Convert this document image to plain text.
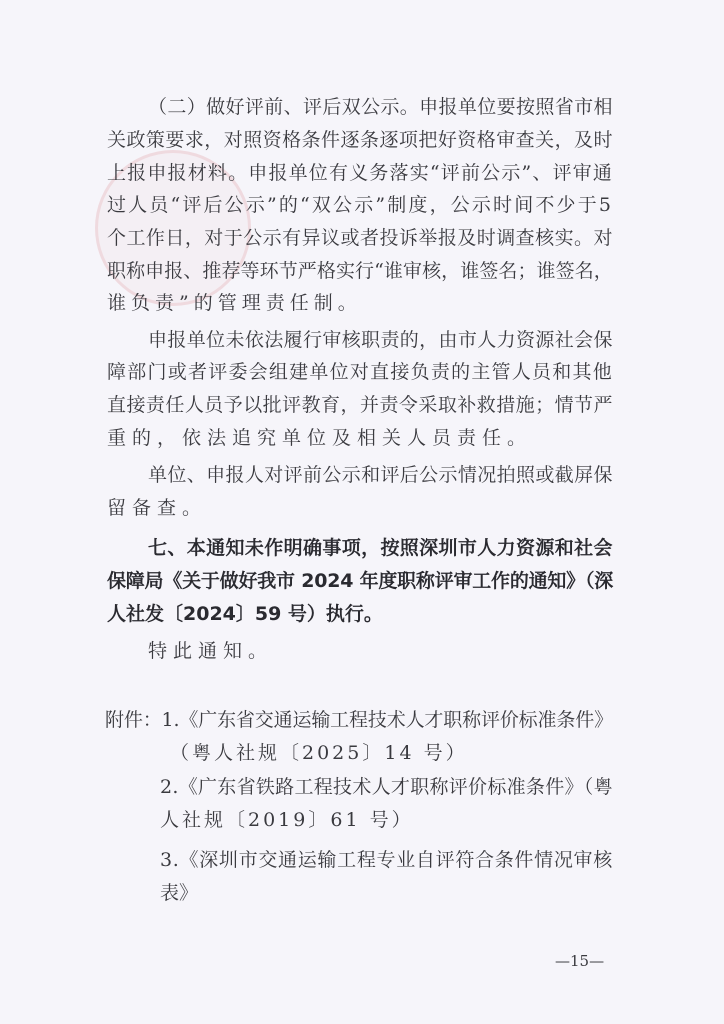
（二）做好评前、评后双公示。申报单位要按照省市相
关政策要求，对照资格条件逐条逐项把好资格审查关，及时
上报申报材料。申报单位有义务落实“评前公示”、评审通
过人员“评后公示”的“双公示”制度，公示时间不少于5
个工作日，对于公示有异议或者投诉举报及时调查核实。对
职称申报、推荐等环节严格实行“谁审核，谁签名；谁签名，
谁负责”的管理责任制。
申报单位未依法履行审核职责的，由市人力资源社会保
障部门或者评委会组建单位对直接负责的主管人员和其他
直接责任人员予以批评教育，并责令采取补救措施；情节严
重的，依法追究单位及相关人员责任。
单位、申报人对评前公示和评后公示情况拍照或截屏保
留备查。
七、本通知未作明确事项，按照深圳市人力资源和社会
保障局《关于做好我市 2024 年度职称评审工作的通知》（深
人社发〔2024〕59 号）执行。
特此通知。
附件：1.《广东省交通运输工程技术人才职称评价标准条件》
（粤人社规〔2025〕14 号）
2.《广东省铁路工程技术人才职称评价标准条件》（粤
人社规〔2019〕61 号）
3.《深圳市交通运输工程专业自评符合条件情况审核
表》
—15—
